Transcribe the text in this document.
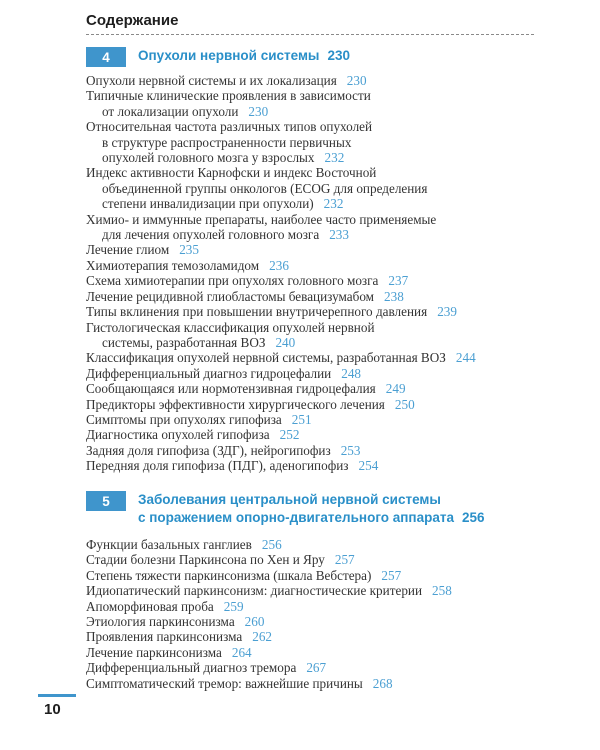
Содержание
4	Опухоли нервной системы 230
Опухоли нервной системы и их локализация 230
Типичные клинические проявления в зависимости
от локализации опухоли 230
Относительная частота различных типов опухолей
в структуре распространенности первичных
опухолей головного мозга у взрослых 232
Индекс активности Карнофски и индекс Восточной
объединенной группы онкологов (ECOG для определения
степени инвалидизации при опухоли) 232
Химио- и иммунные препараты, наиболее часто применяемые
для лечения опухолей головного мозга 233
Лечение глиом 235
Химиотерапия темозоламидом 236
Схема химиотерапии при опухолях головного мозга 237
Лечение рецидивной глиобластомы бевацизумабом 238
Типы вклинения при повышении внутричерепного давления 239
Гистологическая классификация опухолей нервной
системы, разработанная ВОЗ 240
Классификация опухолей нервной системы, разработанная ВОЗ 244
Дифференциальный диагноз гидроцефалии 248
Сообщающаяся или нормотензивная гидроцефалия 249
Предикторы эффективности хирургического лечения 250
Симптомы при опухолях гипофиза 251
Диагностика опухолей гипофиза 252
Задняя доля гипофиза (ЗДГ), нейрогипофиз 253
Передняя доля гипофиза (ПДГ), аденогипофиз 254
5	Заболевания центральной нервной системы
с поражением опорно-двигательного аппарата 256
Функции базальных ганглиев 256
Стадии болезни Паркинсона по Хен и Яру 257
Степень тяжести паркинсонизма (шкала Вебстера) 257
Идиопатический паркинсонизм: диагностические критерии 258
Апоморфиновая проба 259
Этиология паркинсонизма 260
Проявления паркинсонизма 262
Лечение паркинсонизма 264
Дифференциальный диагноз тремора 267
Симптоматический тремор: важнейшие причины 268
10
